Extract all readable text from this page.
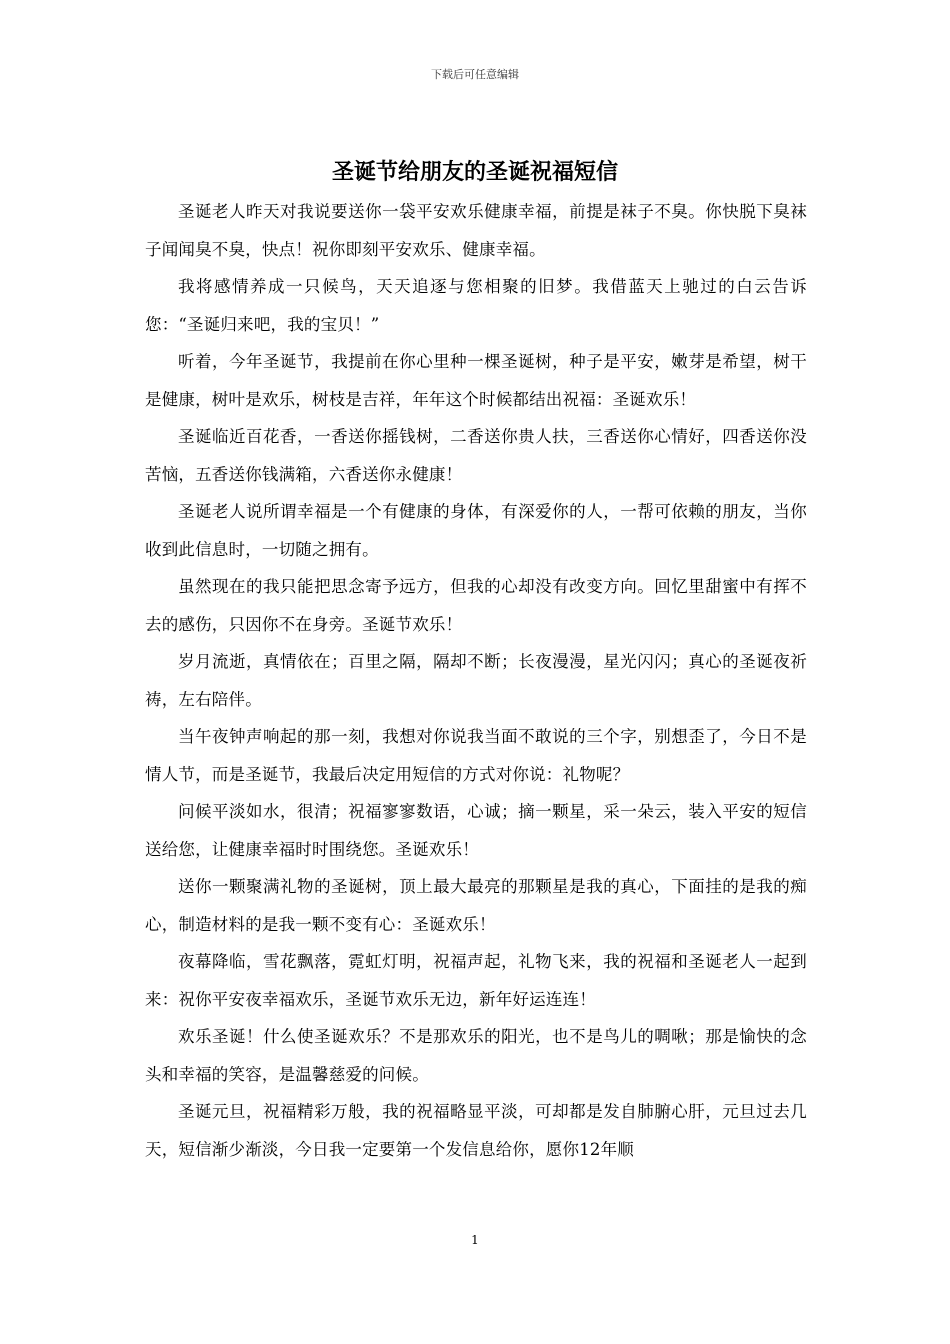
下载后可任意编辑
圣诞节给朋友的圣诞祝福短信

圣诞老人昨天对我说要送你一袋平安欢乐健康幸福，前提是袜子不臭。你快脱下臭袜子闻闻臭不臭，快点！祝你即刻平安欢乐、健康幸福。

我将感情养成一只候鸟，天天追逐与您相聚的旧梦。我借蓝天上驰过的白云告诉您：“圣诞归来吧，我的宝贝！”

听着，今年圣诞节，我提前在你心里种一棵圣诞树，种子是平安，嫩芽是希望，树干是健康，树叶是欢乐，树枝是吉祥，年年这个时候都结出祝福：圣诞欢乐！

圣诞临近百花香，一香送你摇钱树，二香送你贵人扶，三香送你心情好，四香送你没苦恼，五香送你钱满箱，六香送你永健康！

圣诞老人说所谓幸福是一个有健康的身体，有深爱你的人，一帮可依赖的朋友，当你收到此信息时，一切随之拥有。

虽然现在的我只能把思念寄予远方，但我的心却没有改变方向。回忆里甜蜜中有挥不去的感伤，只因你不在身旁。圣诞节欢乐！

岁月流逝，真情依在；百里之隔，隔却不断；长夜漫漫，星光闪闪；真心的圣诞夜祈祷，左右陪伴。

当午夜钟声响起的那一刻，我想对你说我当面不敢说的三个字，别想歪了，今日不是情人节，而是圣诞节，我最后决定用短信的方式对你说：礼物呢？

问候平淡如水，很清；祝福寥寥数语，心诚；摘一颗星，采一朵云，装入平安的短信送给您，让健康幸福时时围绕您。圣诞欢乐！

送你一颗聚满礼物的圣诞树，顶上最大最亮的那颗星是我的真心，下面挂的是我的痴心，制造材料的是我一颗不变有心：圣诞欢乐！

夜幕降临，雪花飘落，霓虹灯明，祝福声起，礼物飞来，我的祝福和圣诞老人一起到来：祝你平安夜幸福欢乐，圣诞节欢乐无边，新年好运连连！

欢乐圣诞！什么使圣诞欢乐？不是那欢乐的阳光，也不是鸟儿的啁啾；那是愉快的念头和幸福的笑容，是温馨慈爱的问候。

圣诞元旦，祝福精彩万般，我的祝福略显平淡，可却都是发自肺腑心肝，元旦过去几天，短信渐少渐淡，今日我一定要第一个发信息给你，愿你12年顺

1
